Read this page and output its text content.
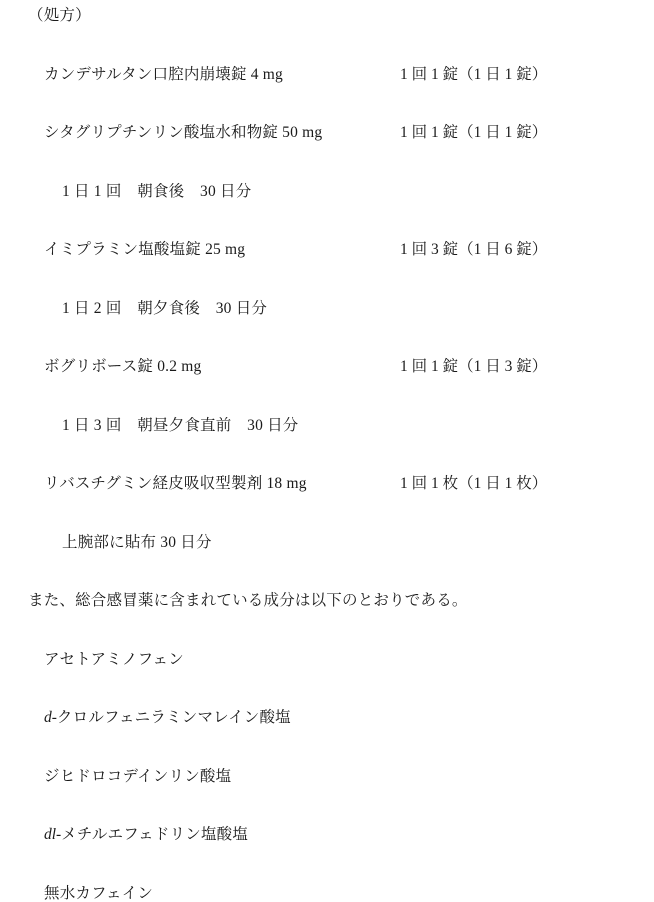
（処方）
カンデサルタン口腔内崩壊錠 4 mg	1 回 1 錠（1 日 1 錠）
シタグリプチンリン酸塩水和物錠 50 mg	1 回 1 錠（1 日 1 錠）
1 日 1 回　朝食後　30 日分
イミプラミン塩酸塩錠 25 mg	1 回 3 錠（1 日 6 錠）
1 日 2 回　朝夕食後　30 日分
ボグリボース錠 0.2 mg	1 回 1 錠（1 日 3 錠）
1 日 3 回　朝昼夕食直前　30 日分
リバスチグミン経皮吸収型製剤 18 mg	1 回 1 枚（1 日 1 枚）
上腕部に貼布 30 日分
また、総合感冒薬に含まれている成分は以下のとおりである。
アセトアミノフェン
d-クロルフェニラミンマレイン酸塩
ジヒドロコデインリン酸塩
dl-メチルエフェドリン塩酸塩
無水カフェイン
